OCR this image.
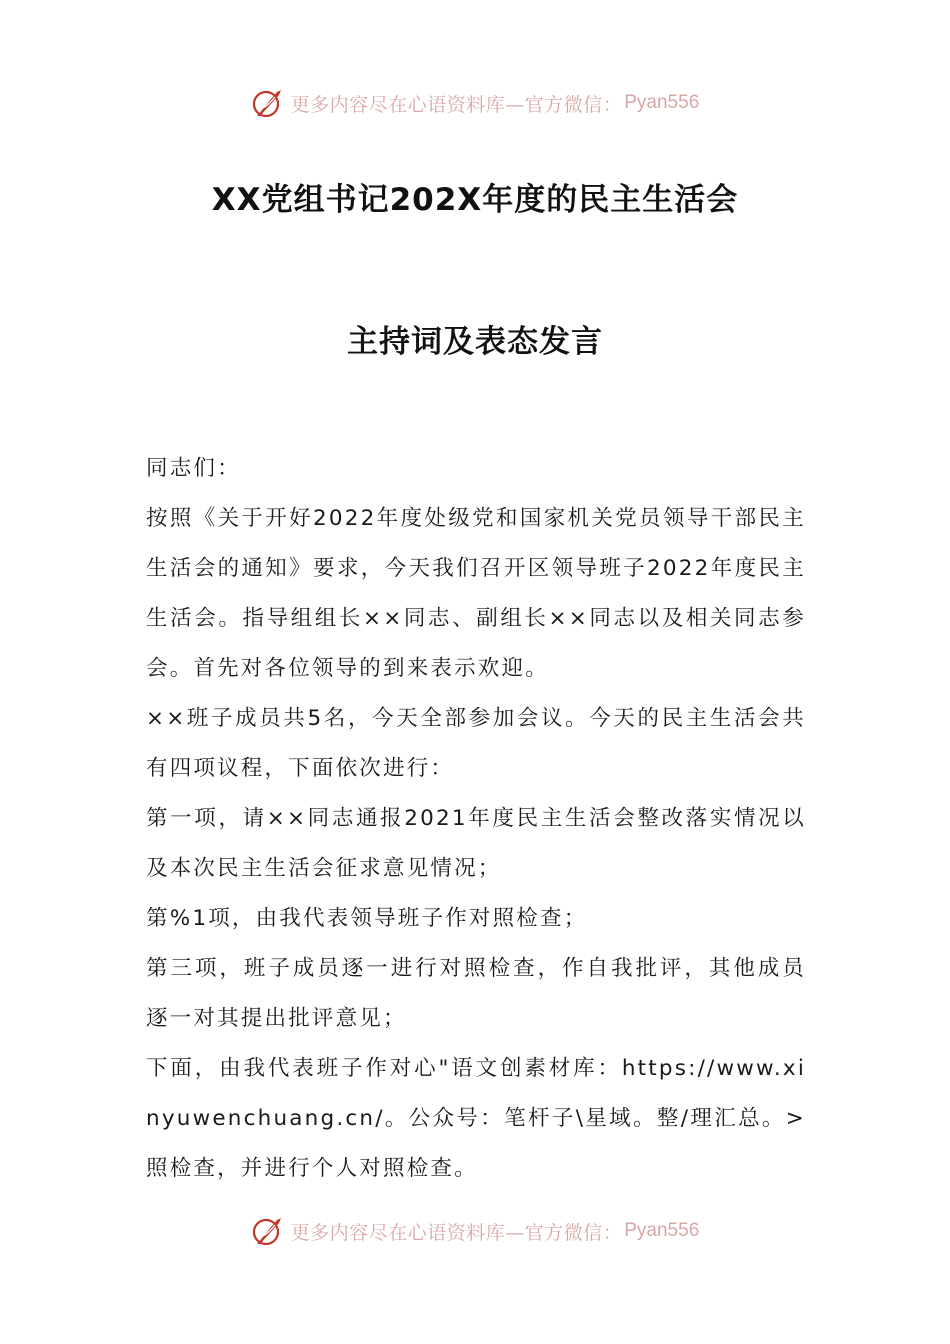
更多内容尽在心语资料库—官方微信： Pyan556
XX党组书记202X年度的民主生活会
主持词及表态发言

同志们：

按照《关于开好2022年度处级党和国家机关党员领导干部民主生活会的通知》要求，今天我们召开区领导班子2022年度民主生活会。指导组组长××同志、副组长××同志以及相关同志参会。首先对各位领导的到来表示欢迎。

××班子成员共5名，今天全部参加会议。今天的民主生活会共有四项议程，下面依次进行：

第一项，请××同志通报2021年度民主生活会整改落实情况以及本次民主生活会征求意见情况；

第%1项，由我代表领导班子作对照检查；

第三项，班子成员逐一进行对照检查，作自我批评，其他成员逐一对其提出批评意见；

下面，由我代表班子作对心"语文创素材库：https://www.xinyuwenchuang.cn/。公众号：笔杆子\星域。整/理汇总。>照检查，并进行个人对照检查。

更多内容尽在心语资料库—官方微信： Pyan556
